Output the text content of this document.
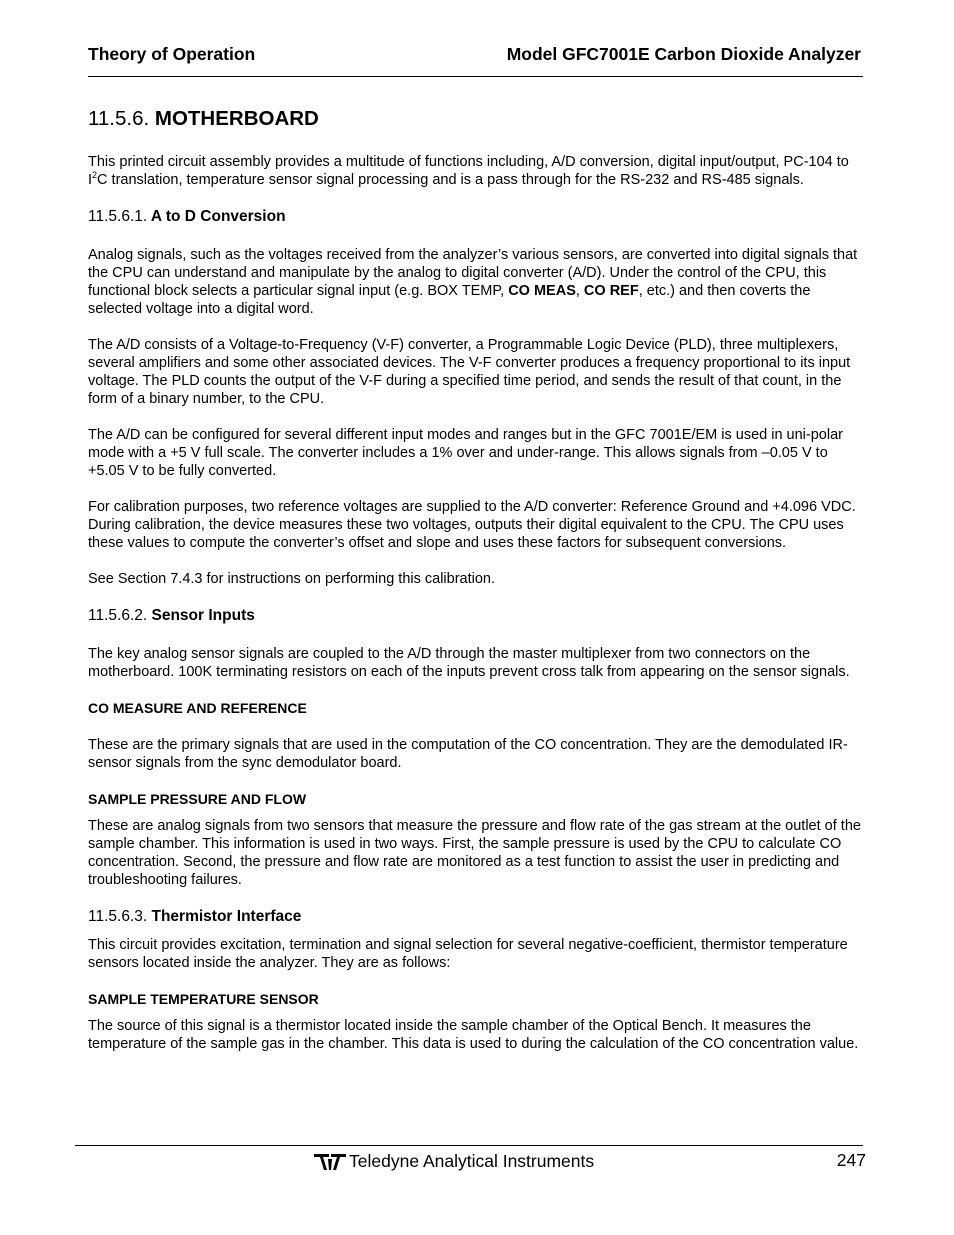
Theory of Operation	Model GFC7001E Carbon Dioxide Analyzer
11.5.6. MOTHERBOARD

This printed circuit assembly provides a multitude of functions including, A/D conversion, digital input/output, PC-104 to $I^2C$ translation, temperature sensor signal processing and is a pass through for the RS-232 and RS-485 signals.

11.5.6.1. A to D Conversion

Analog signals, such as the voltages received from the analyzer’s various sensors, are converted into digital signals that the CPU can understand and manipulate by the analog to digital converter (A/D). Under the control of the CPU, this functional block selects a particular signal input (e.g. BOX TEMP, CO MEAS, CO REF, etc.) and then coverts the selected voltage into a digital word.

The A/D consists of a Voltage-to-Frequency (V-F) converter, a Programmable Logic Device (PLD), three multiplexers, several amplifiers and some other associated devices. The V-F converter produces a frequency proportional to its input voltage. The PLD counts the output of the V-F during a specified time period, and sends the result of that count, in the form of a binary number, to the CPU.

The A/D can be configured for several different input modes and ranges but in the GFC 7001E/EM is used in uni-polar mode with a +5 V full scale. The converter includes a 1% over and under-range. This allows signals from –0.05 V to +5.05 V to be fully converted.

For calibration purposes, two reference voltages are supplied to the A/D converter: Reference Ground and +4.096 VDC. During calibration, the device measures these two voltages, outputs their digital equivalent to the CPU. The CPU uses these values to compute the converter’s offset and slope and uses these factors for subsequent conversions.

See Section 7.4.3 for instructions on performing this calibration.

11.5.6.2. Sensor Inputs

The key analog sensor signals are coupled to the A/D through the master multiplexer from two connectors on the motherboard. 100K terminating resistors on each of the inputs prevent cross talk from appearing on the sensor signals.

CO MEASURE AND REFERENCE

These are the primary signals that are used in the computation of the CO concentration. They are the demodulated IR-sensor signals from the sync demodulator board.

SAMPLE PRESSURE AND FLOW

These are analog signals from two sensors that measure the pressure and flow rate of the gas stream at the outlet of the sample chamber. This information is used in two ways. First, the sample pressure is used by the CPU to calculate CO concentration. Second, the pressure and flow rate are monitored as a test function to assist the user in predicting and troubleshooting failures.

11.5.6.3. Thermistor Interface

This circuit provides excitation, termination and signal selection for several negative-coefficient, thermistor temperature sensors located inside the analyzer. They are as follows:

SAMPLE TEMPERATURE SENSOR

The source of this signal is a thermistor located inside the sample chamber of the Optical Bench. It measures the temperature of the sample gas in the chamber. This data is used to during the calculation of the CO concentration value.

Teledyne Analytical Instruments	247
